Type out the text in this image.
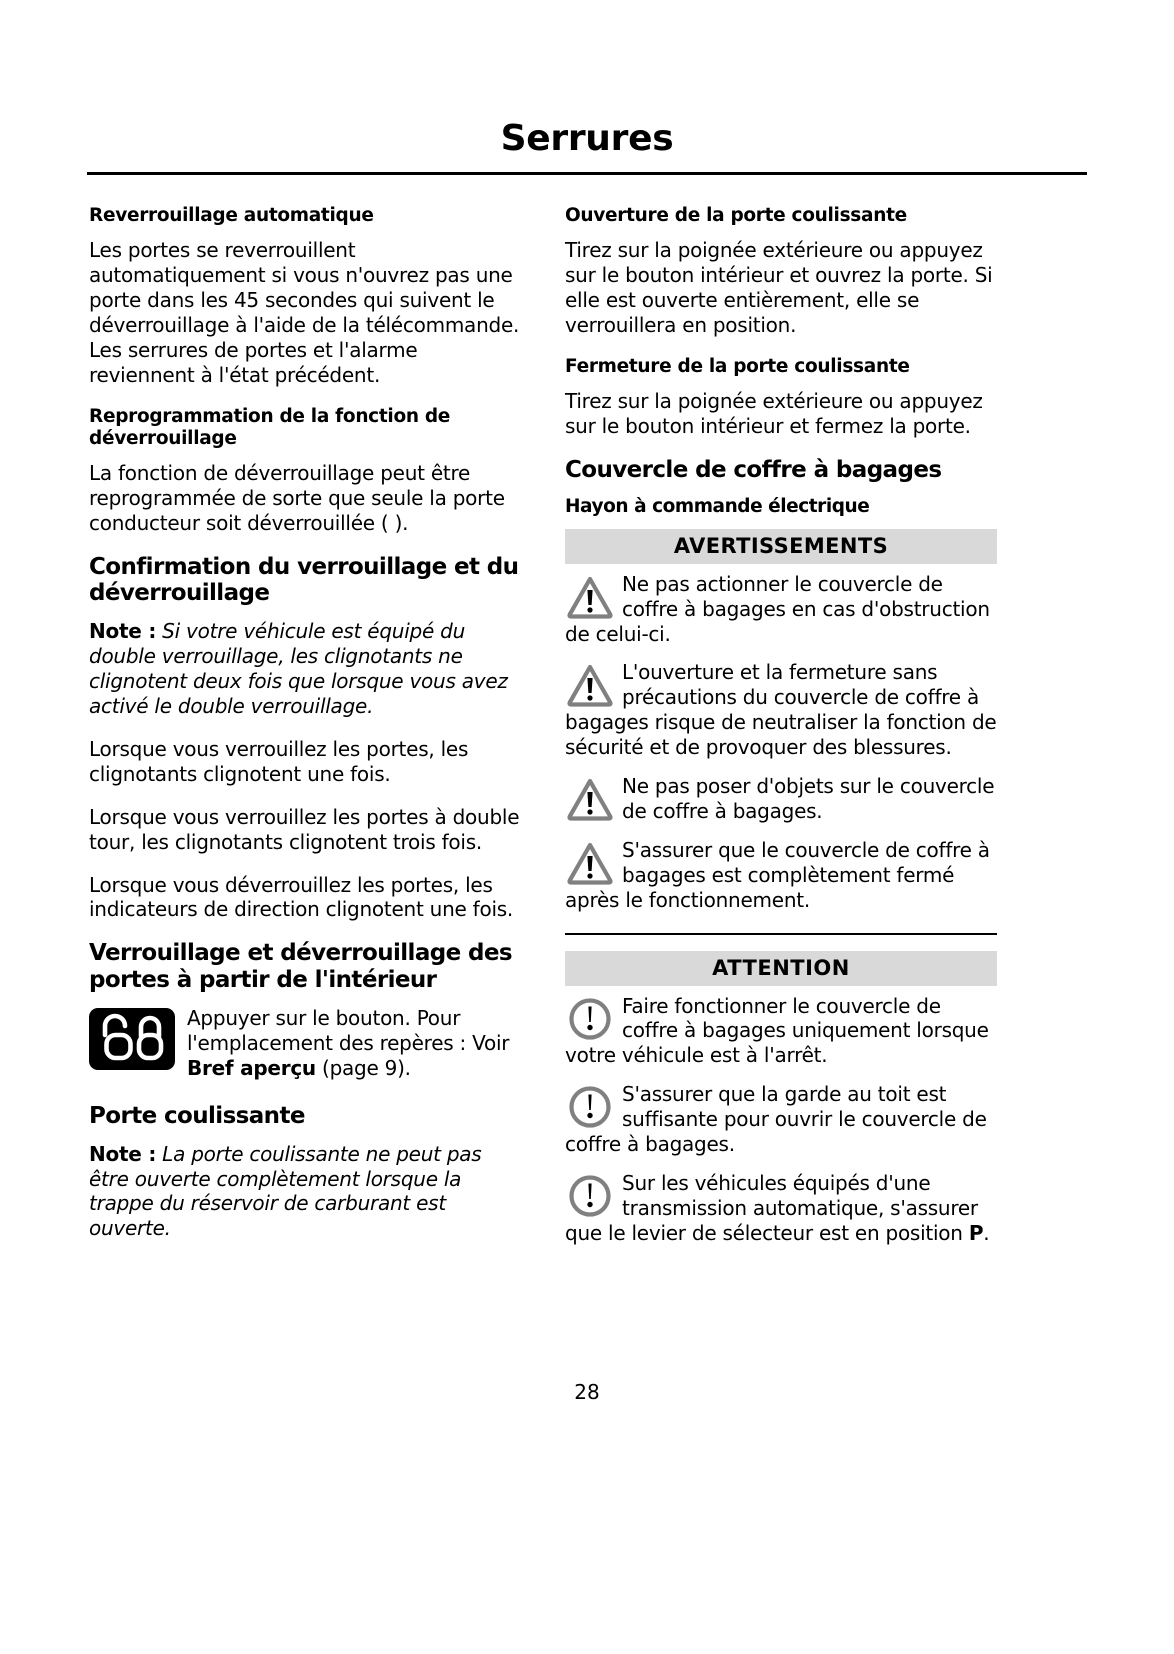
Serrures
Reverrouillage automatique

Les portes se reverrouillent automatiquement si vous n'ouvrez pas une porte dans les 45 secondes qui suivent le déverrouillage à l'aide de la télécommande. Les serrures de portes et l'alarme reviennent à l'état précédent.

Reprogrammation de la fonction de déverrouillage

La fonction de déverrouillage peut être reprogrammée de sorte que seule la porte conducteur soit déverrouillée ( ).

Confirmation du verrouillage et du déverrouillage

Note : Si votre véhicule est équipé du double verrouillage, les clignotants ne clignotent deux fois que lorsque vous avez activé le double verrouillage.

Lorsque vous verrouillez les portes, les clignotants clignotent une fois.

Lorsque vous verrouillez les portes à double tour, les clignotants clignotent trois fois.

Lorsque vous déverrouillez les portes, les indicateurs de direction clignotent une fois.

Verrouillage et déverrouillage des portes à partir de l'intérieur

Appuyer sur le bouton. Pour l'emplacement des repères : Voir Bref aperçu (page 9).

Porte coulissante

Note : La porte coulissante ne peut pas être ouverte complètement lorsque la trappe du réservoir de carburant est ouverte.

Ouverture de la porte coulissante

Tirez sur la poignée extérieure ou appuyez sur le bouton intérieur et ouvrez la porte. Si elle est ouverte entièrement, elle se verrouillera en position.

Fermeture de la porte coulissante

Tirez sur la poignée extérieure ou appuyez sur le bouton intérieur et fermez la porte.

Couvercle de coffre à bagages
Hayon à commande électrique
AVERTISSEMENTS

Ne pas actionner le couvercle de coffre à bagages en cas d'obstruction de celui-ci.

L'ouverture et la fermeture sans précautions du couvercle de coffre à bagages risque de neutraliser la fonction de sécurité et de provoquer des blessures.

Ne pas poser d'objets sur le couvercle de coffre à bagages.

S'assurer que le couvercle de coffre à bagages est complètement fermé après le fonctionnement.

ATTENTION

Faire fonctionner le couvercle de coffre à bagages uniquement lorsque votre véhicule est à l'arrêt.

S'assurer que la garde au toit est suffisante pour ouvrir le couvercle de coffre à bagages.

Sur les véhicules équipés d'une transmission automatique, s'assurer que le levier de sélecteur est en position P.

28
